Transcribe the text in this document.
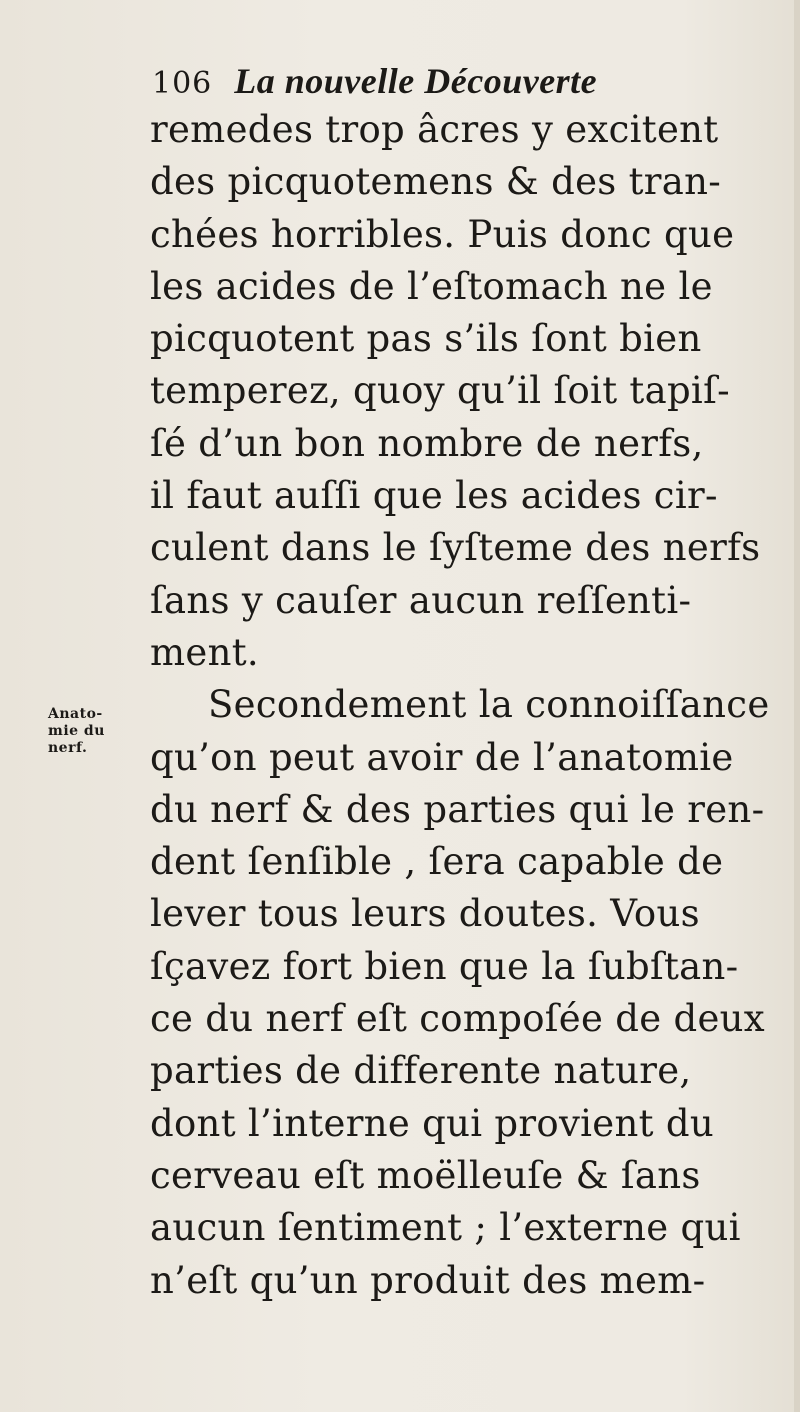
106 La nouvelle Découverte
Anato-
mie du
nerf.
remedes trop âcres y excitent
des picquotemens & des tran-
chées horribles. Puis donc que
les acides de l’eſtomach ne le
picquotent pas s’ils ſont bien
temperez, quoy qu’il ſoit tapiſ-
ſé d’un bon nombre de nerfs,
il faut auſſi que les acides cir-
culent dans le ſyſteme des nerfs
ſans y cauſer aucun reſſenti-
ment.
Secondement la connoiſſance
qu’on peut avoir de l’anatomie
du nerf & des parties qui le ren-
dent ſenſible , ſera capable de
lever tous leurs doutes. Vous
ſçavez fort bien que la ſubſtan-
ce du nerf eſt compoſée de deux
parties de differente nature,
dont l’interne qui provient du
cerveau eſt moëlleuſe & ſans
aucun ſentiment ; l’externe qui
n’eſt qu’un produit des mem-
